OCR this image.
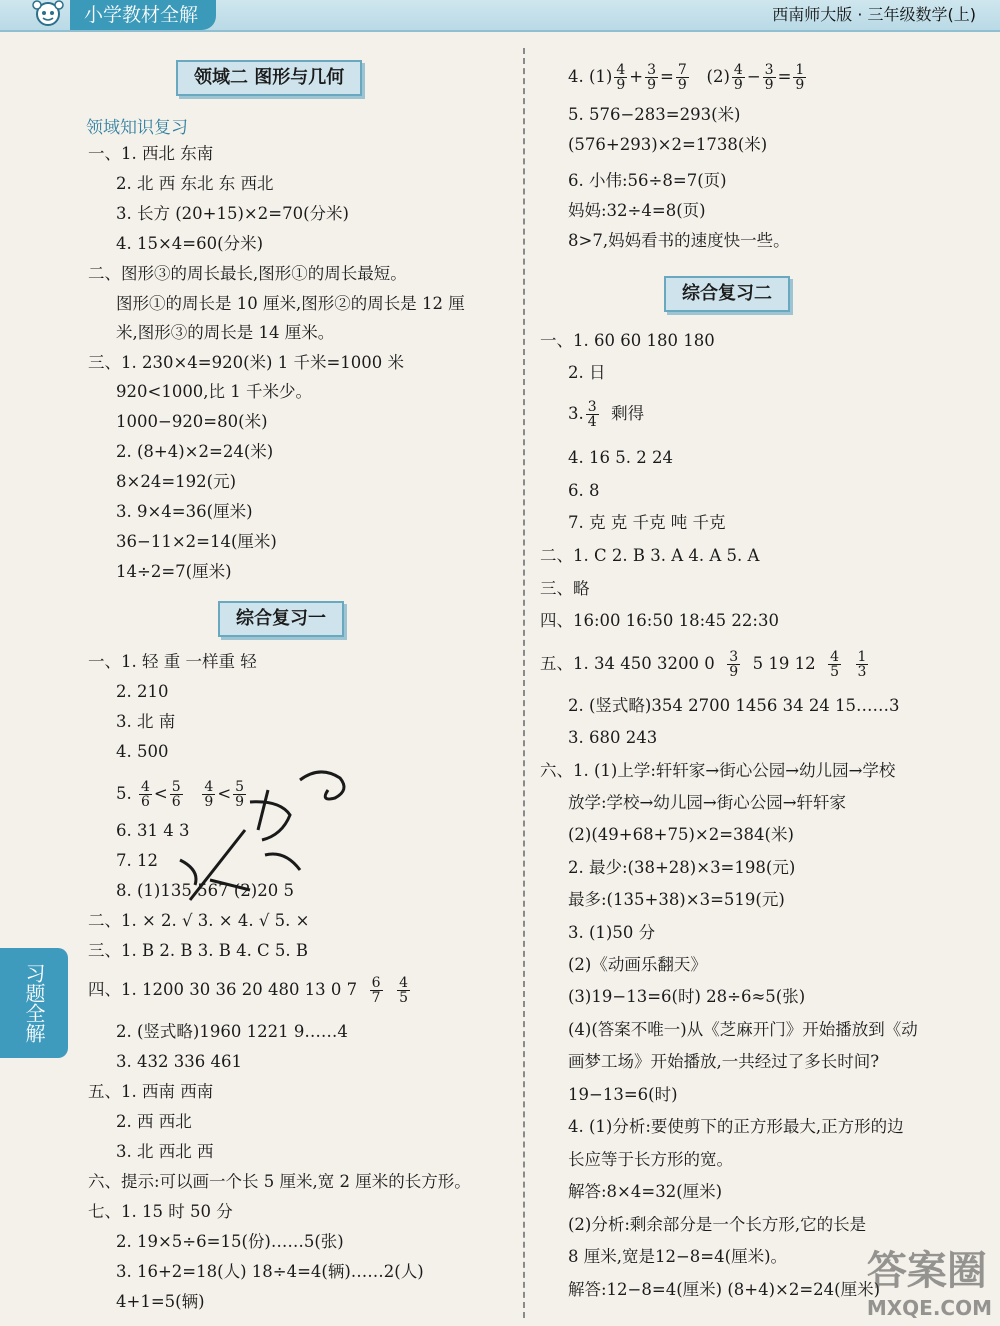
小学教材全解	西南师大版 · 三年级数学(上)
习题全解
领域二 图形与几何
领域知识复习
一、1. 西北 东南
2. 北 西 东北 东 西北
3. 长方 (20+15)×2=70(分米)
4. 15×4=60(分米)
二、图形③的周长最长,图形①的周长最短。
图形①的周长是 10 厘米,图形②的周长是 12 厘
米,图形③的周长是 14 厘米。
三、1. 230×4=920(米) 1 千米=1000 米
920<1000,比 1 千米少。
1000−920=80(米)
2. (8+4)×2=24(米)
8×24=192(元)
3. 9×4=36(厘米)
36−11×2=14(厘米)
14÷2=7(厘米)
综合复习一
一、1. 轻 重 一样重 轻
2. 210
3. 北 南
4. 500
5. $\frac{4}{6} < \frac{5}{6}$
$\frac{4}{9} < \frac{5}{9}$
6. 31 4 3
7. 12
8. (1)135 567 (2)20 5
二、1. × 2. √ 3. × 4. √ 5. ×
三、1. B 2. B 3. B 4. C 5. B
四、1. 1200 30 36 20 480 13 0 $7 \frac{6}{7}$
$\frac{4}{5}$
2. (竖式略)1960 1221 9……4
3. 432 336 461
五、1. 西南 西南
2. 西 西北
3. 北 西北 西
六、提示:可以画一个长 5 厘米,宽 2 厘米的长方形。
七、1. 15 时 50 分
2. 19×5÷6=15(份)……5(张)
3. 16+2=18(人) 18÷4=4(辆)……2(人)
4+1=5(辆)
4. $(1) \frac{4}{9} + \frac{3}{9} = \frac{7}{9} (2) \frac{4}{9} - \frac{3}{9} = \frac{1}{9}$
5. 576−283=293(米)
(576+293)×2=1738(米)
6. 小伟:56÷8=7(页)
妈妈:32÷4=8(页)
8>7,妈妈看书的速度快一些。
综合复习二
一、1. 60 60 180 180
2. 日
3. $\frac{3}{4}$ 剩得
4. 16 5. 2 24
6. 8
7. 克 克 千克 吨 千克
二、1. C 2. B 3. A 4. A 5. A
三、略
四、16:00 16:50 18:45 22:30
五、1. 34 450 3200 $0 \frac{3}{9} 5$ 19 $12 \frac{4}{5}$
$\frac{1}{3}$
2. (竖式略)354 2700 1456 34 24 15……3
3. 680 243
六、1. (1)上学:轩轩家→街心公园→幼儿园→学校
放学:学校→幼儿园→街心公园→轩轩家
(2)(49+68+75)×2=384(米)
2. 最少:(38+28)×3=198(元)
最多:(135+38)×3=519(元)
3. (1)50 分
(2)《动画乐翻天》
(3)19−13=6(时) 28÷6≈5(张)
(4)(答案不唯一)从《芝麻开门》开始播放到《动
画梦工场》开始播放,一共经过了多长时间?
19−13=6(时)
4. (1)分析:要使剪下的正方形最大,正方形的边
长应等于长方形的宽。
解答:8×4=32(厘米)
(2)分析:剩余部分是一个长方形,它的长是
8 厘米,宽是12−8=4(厘米)。
解答:12−8=4(厘米) (8+4)×2=24(厘米)
答案圈
MXQE.COM
